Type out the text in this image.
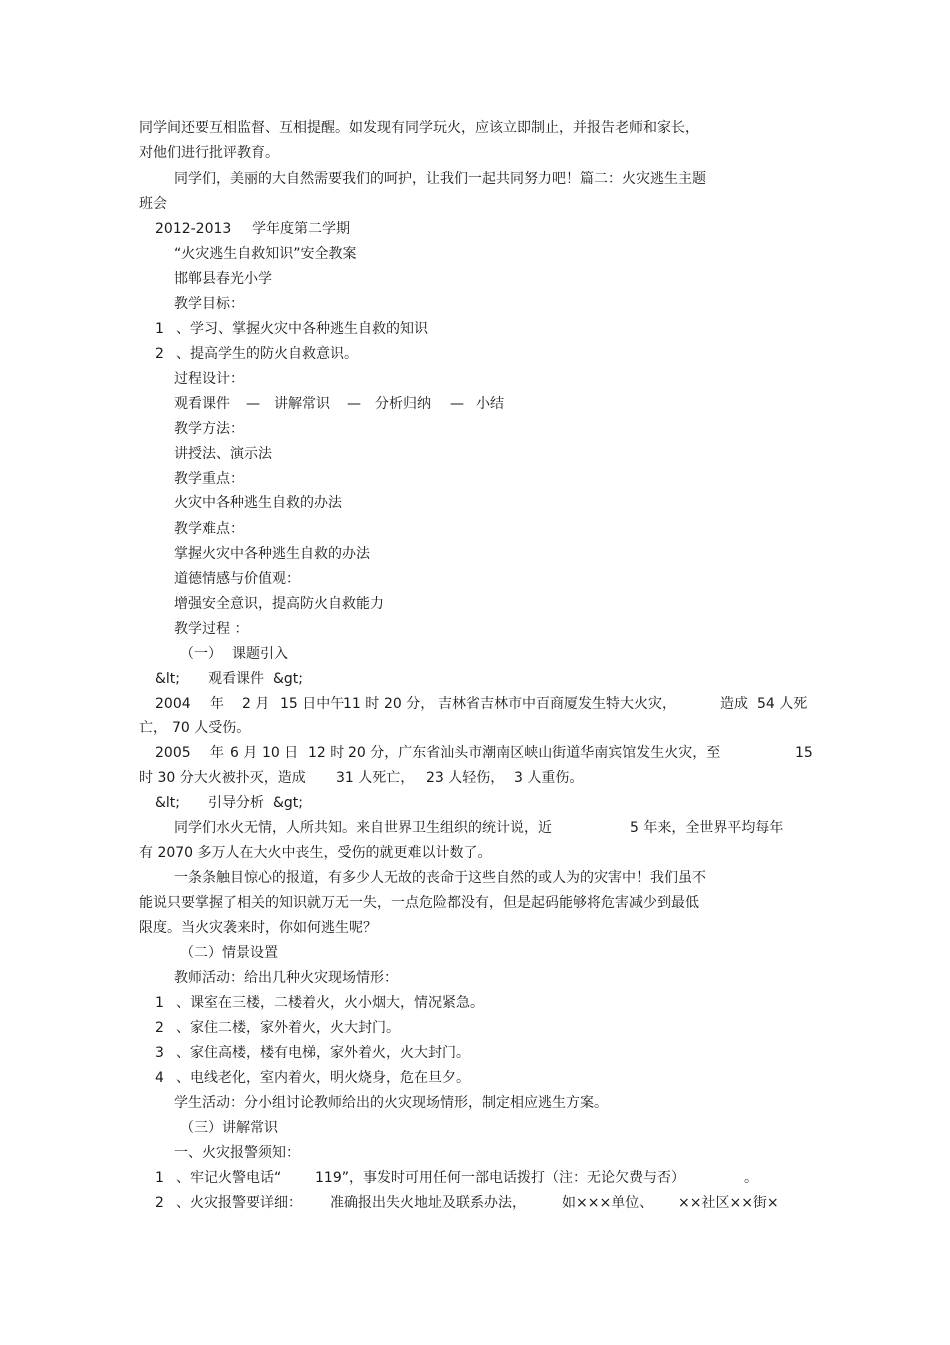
同学间还要互相监督、互相提醒。如发现有同学玩火，应该立即制止，并报告老师和家长，
对他们进行批评教育。
同学们，美丽的大自然需要我们的呵护，让我们一起共同努力吧！篇二：火灾逃生主题
班会
2012-2013 学年度第二学期
“火灾逃生自救知识”安全教案
邯郸县春光小学
教学目标：
1 、学习、掌握火灾中各种逃生自救的知识
2 、提高学生的防火自救意识。
过程设计：
观看课件 — 讲解常识 — 分析归纳 — 小结
教学方法：
讲授法、演示法
教学重点：
火灾中各种逃生自救的办法
教学难点：
掌握火灾中各种逃生自救的办法
道德情感与价值观：
增强安全意识，提高防火自救能力
教学过程 ：
（一） 课题引入
&lt; 观看课件 &gt;
2004 年 2 月 15 日中午
11 时 20 分， 吉林省吉林市中百商厦发生特大火灾，	造成 54 人死
亡， 70 人受伤。
2005 年 6 月 10 日 12 时 20 分，广东省汕头市潮南区峡山街道华南宾馆发生火灾，至	15
时 30 分大火被扑灭，造成 31 人死亡， 23 人轻伤， 3 人重伤。
&lt; 引导分析 &gt;
同学们水火无情，人所共知。来自世界卫生组织的统计说，近	5 年来，全世界平均每年
有 2070 多万人在大火中丧生，受伤的就更难以计数了。
一条条触目惊心的报道，有多少人无故的丧命于这些自然的或人为的灾害中！我们虽不
能说只要掌握了相关的知识就万无一失，一点危险都没有，但是起码能够将危害减少到最低
限度。当火灾袭来时，你如何逃生呢？
（二）情景设置
教师活动：给出几种火灾现场情形：
1 、课室在三楼，二楼着火，火小烟大，情况紧急。
2 、家住二楼，家外着火，火大封门。
3 、家住高楼，楼有电梯，家外着火，火大封门。
4 、电线老化，室内着火，明火烧身，危在旦夕。
学生活动：分小组讨论教师给出的火灾现场情形，制定相应逃生方案。
（三）讲解常识
一、火灾报警须知：
1 、牢记火警电话“ 119”，事发时可用任何一部电话拨打（注：无论欠费与否）	。
2 、火灾报警要详细： 准确报出失火地址及联系办法，	如×××单位、 ××社区××街×
